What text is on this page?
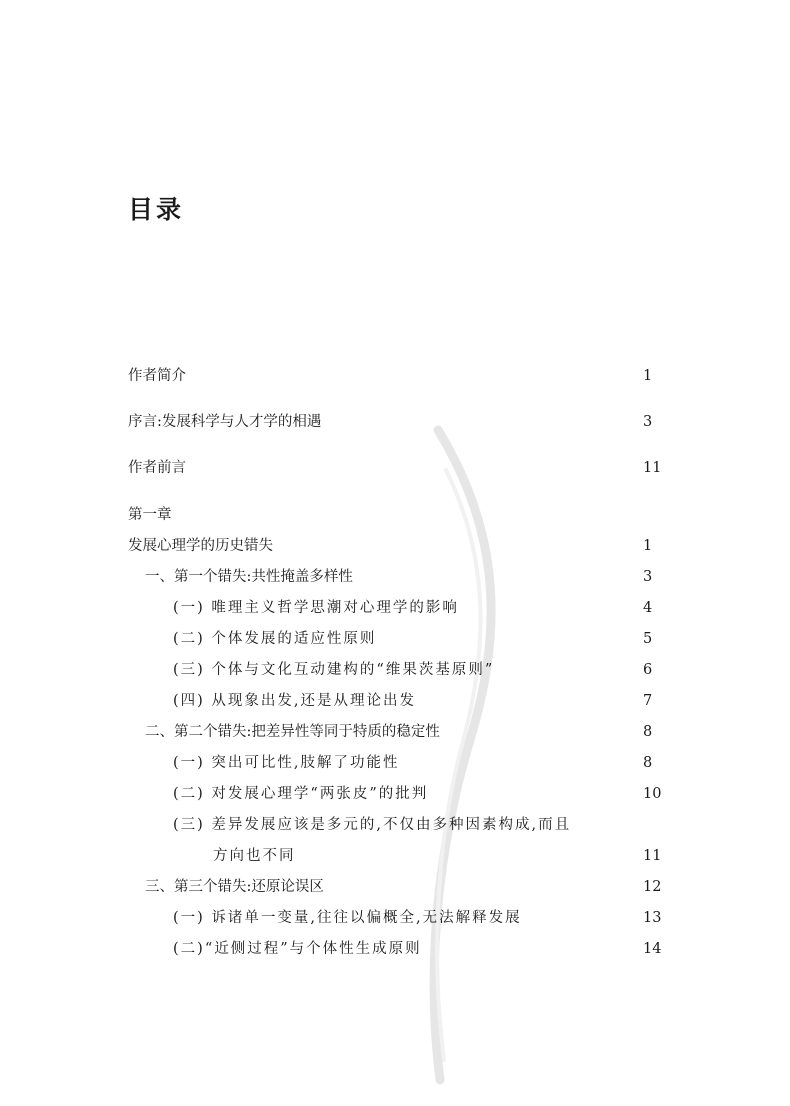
目录
作者简介	1
序言:发展科学与人才学的相遇	3
作者前言	11
第一章
发展心理学的历史错失	1
一、第一个错失:共性掩盖多样性	3
(一) 唯理主义哲学思潮对心理学的影响	4
(二) 个体发展的适应性原则	5
(三) 个体与文化互动建构的“维果茨基原则”	6
(四) 从现象出发,还是从理论出发	7
二、第二个错失:把差异性等同于特质的稳定性	8
(一) 突出可比性,肢解了功能性	8
(二) 对发展心理学“两张皮”的批判	10
(三) 差异发展应该是多元的,不仅由多种因素构成,而且
方向也不同	11
三、第三个错失:还原论误区	12
(一) 诉诸单一变量,往往以偏概全,无法解释发展	13
(二)“近侧过程”与个体性生成原则	14
